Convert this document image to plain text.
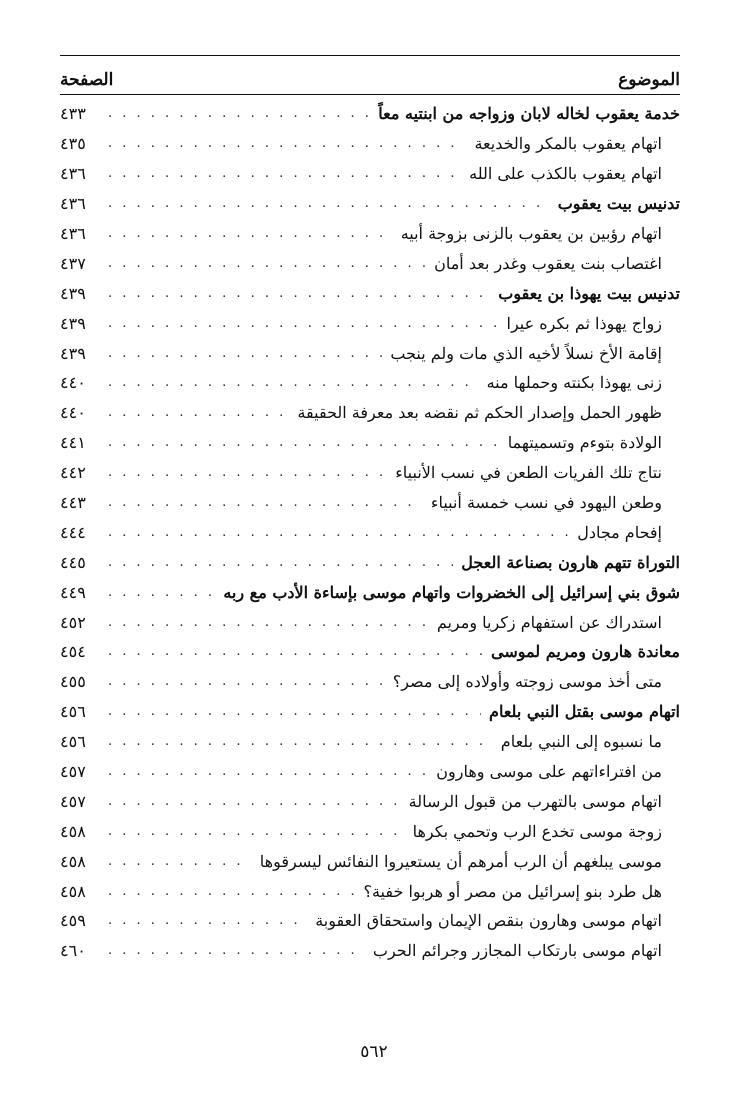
الموضوع
الصفحة
خدمة يعقوب لخاله لابان وزواجه من ابنتيه معاً
. . .
٤٣٣
اتهام يعقوب بالمكر والخديعة
. . .
٤٣٥
اتهام يعقوب بالكذب على الله
. . .
٤٣٦
تدنيس بيت يعقوب
. . .
٤٣٦
اتهام رؤبين بن يعقوب بالزنى بزوجة أبيه
. . .
٤٣٦
اغتصاب بنت يعقوب وغدر بعد أمان
. . .
٤٣٧
تدنيس بيت يهوذا بن يعقوب
. . .
٤٣٩
زواج يهوذا ثم بكره عيرا
. . .
٤٣٩
إقامة الأخ نسلاً لأخيه الذي مات ولم ينجب
. . .
٤٣٩
زنى يهوذا بكنته وحملها منه
. . .
٤٤٠
ظهور الحمل وإصدار الحكم ثم نقضه بعد معرفة الحقيقة
. . .
٤٤٠
الولادة بتوءم وتسميتهما
. . .
٤٤١
نتاج تلك الفريات الطعن في نسب الأنبياء
. . .
٤٤٢
وطعن اليهود في نسب خمسة أنبياء
. . .
٤٤٣
إفحام مجادل
. . .
٤٤٤
التوراة تتهم هارون بصناعة العجل
. . .
٤٤٥
شوق بني إسرائيل إلى الخضروات واتهام موسى بإساءة الأدب مع ربه
. . .
٤٤٩
استدراك عن استفهام زكريا ومريم
. . .
٤٥٢
معاندة هارون ومريم لموسى
. . .
٤٥٤
متى أخذ موسى زوجته وأولاده إلى مصر؟
. . .
٤٥٥
اتهام موسى بقتل النبي بلعام
. . .
٤٥٦
ما نسبوه إلى النبي بلعام
. . .
٤٥٦
من افتراءاتهم على موسى وهارون
. . .
٤٥٧
اتهام موسى بالتهرب من قبول الرسالة
. . .
٤٥٧
زوجة موسى تخدع الرب وتحمي بكرها
. . .
٤٥٨
موسى يبلغهم أن الرب أمرهم أن يستعيروا النفائس ليسرقوها
. . .
٤٥٨
هل طرد بنو إسرائيل من مصر أو هربوا خفية؟
. . .
٤٥٨
اتهام موسى وهارون بنقص الإيمان واستحقاق العقوبة
. . .
٤٥٩
اتهام موسى بارتكاب المجازر وجرائم الحرب
. . .
٤٦٠
٥٦٢
